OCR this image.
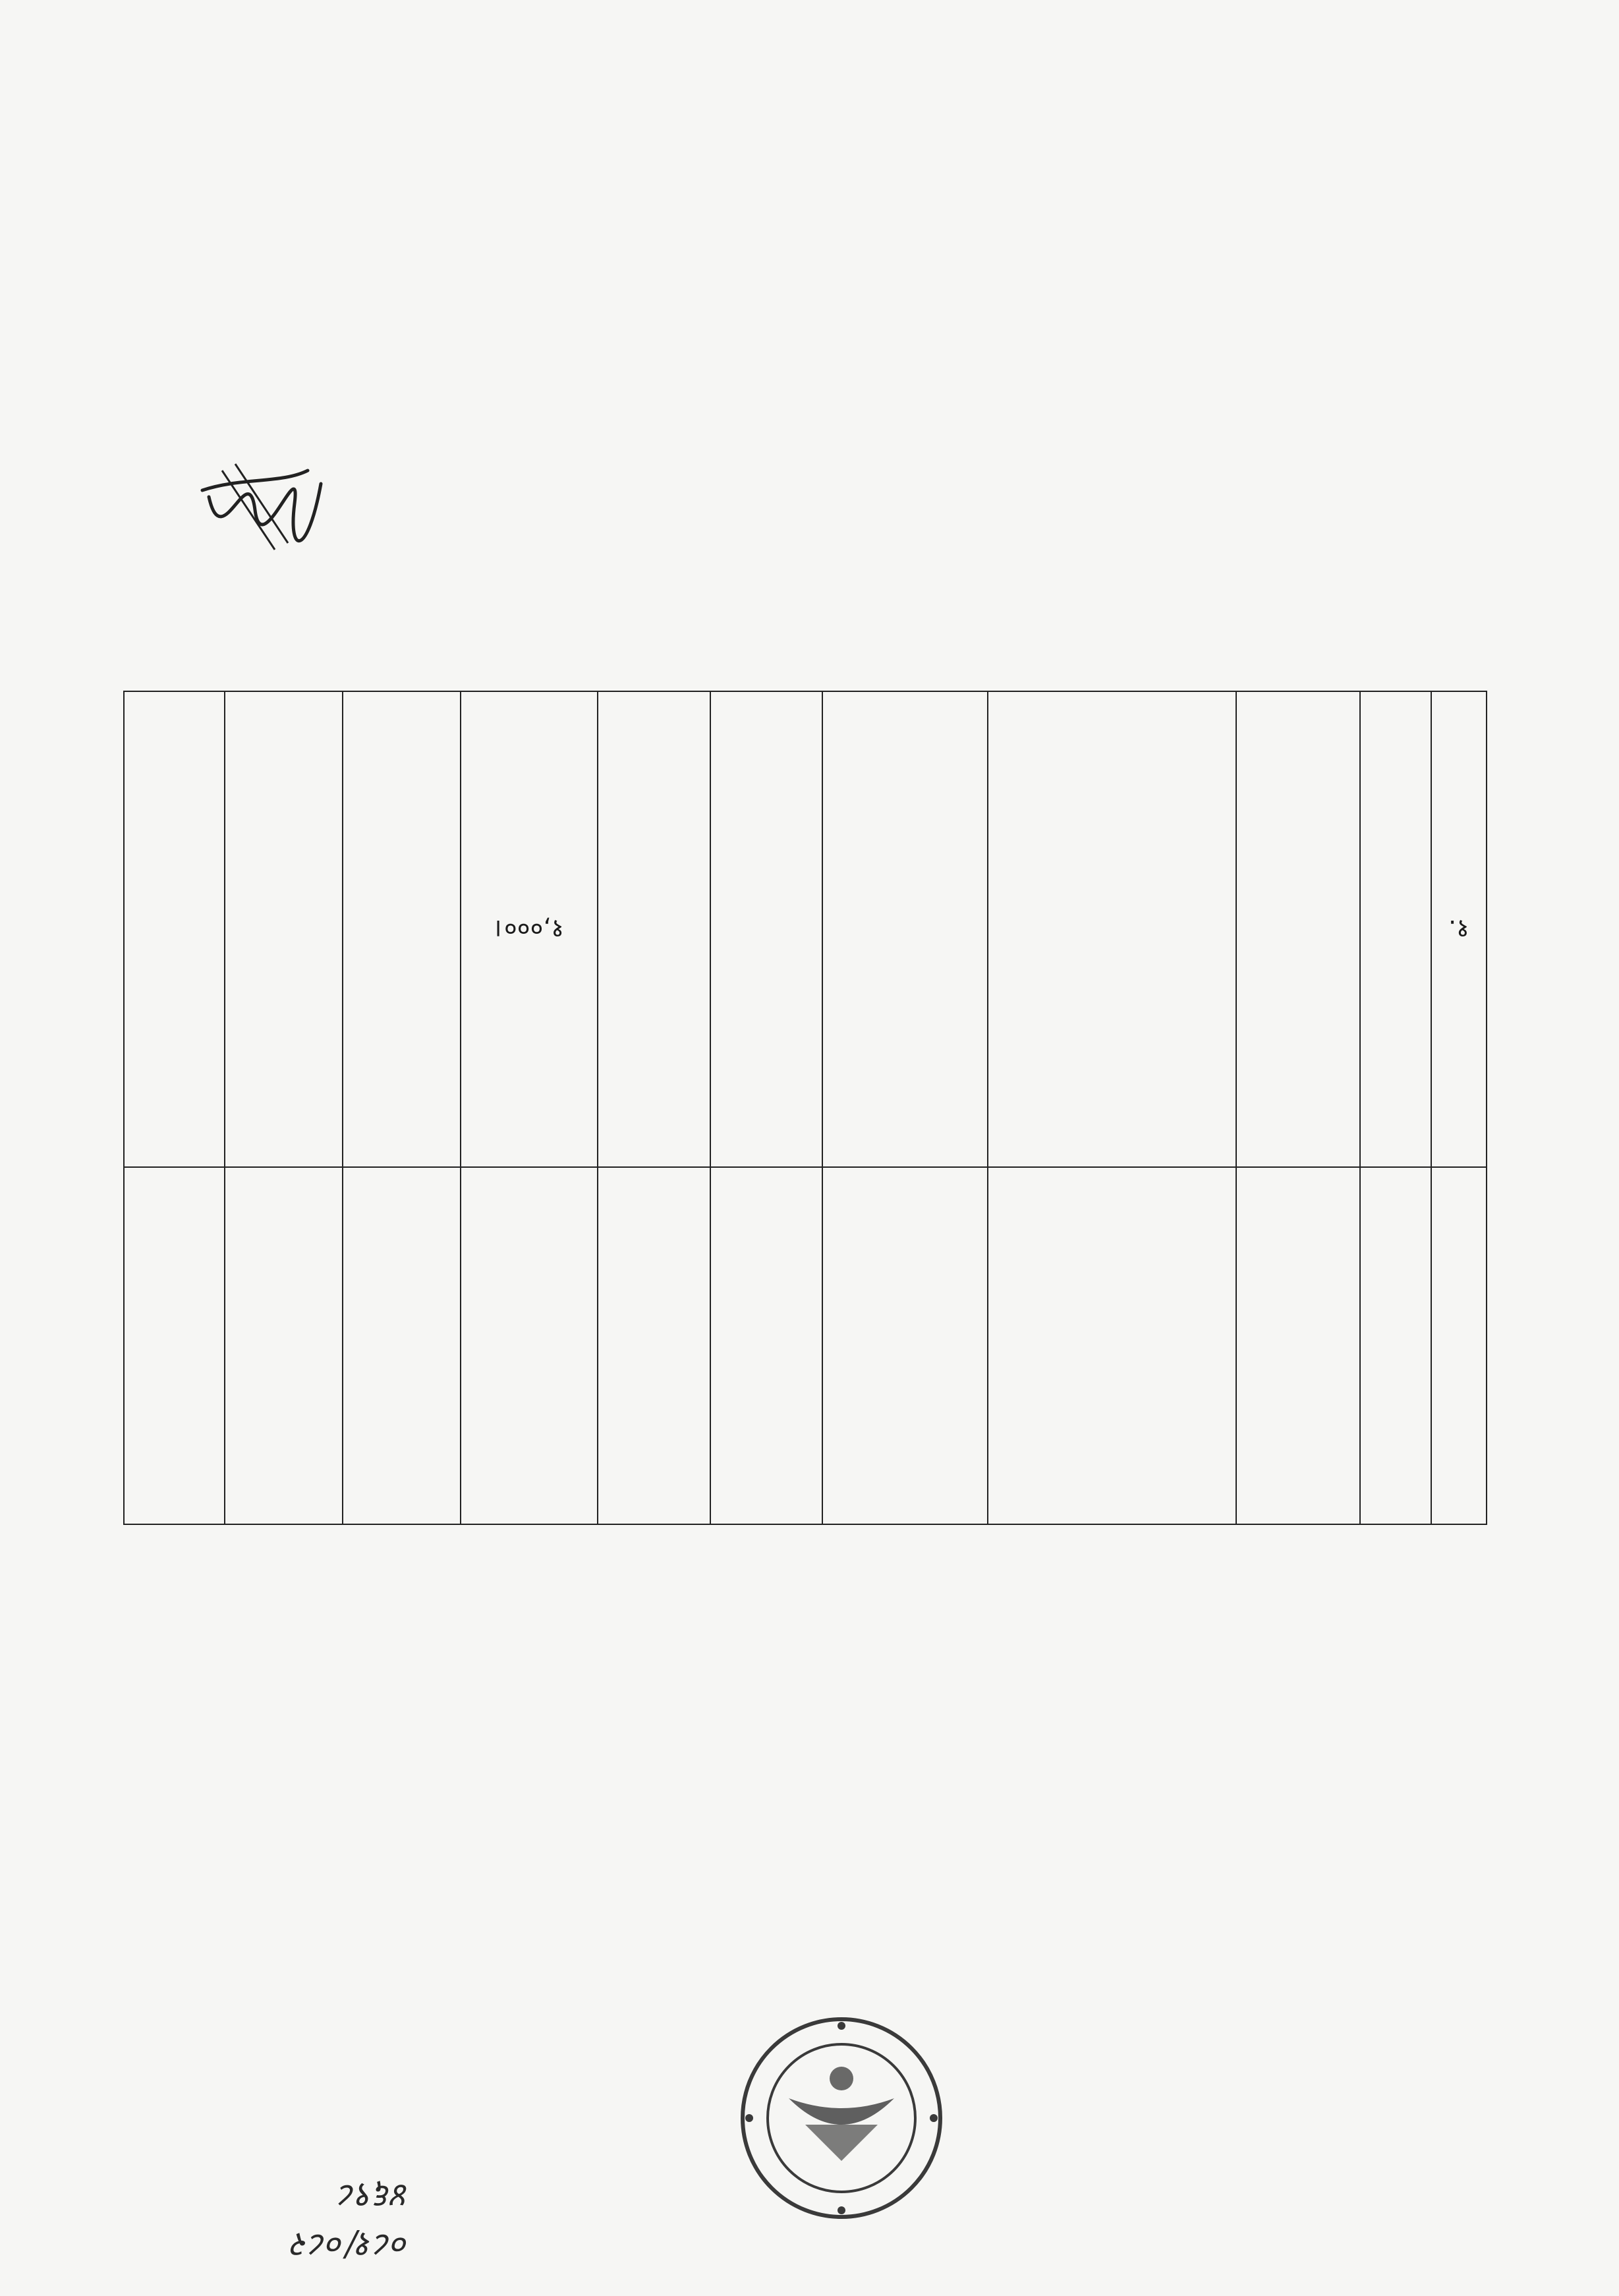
०८१/०८२
४६९८

१.							१,०००।			
